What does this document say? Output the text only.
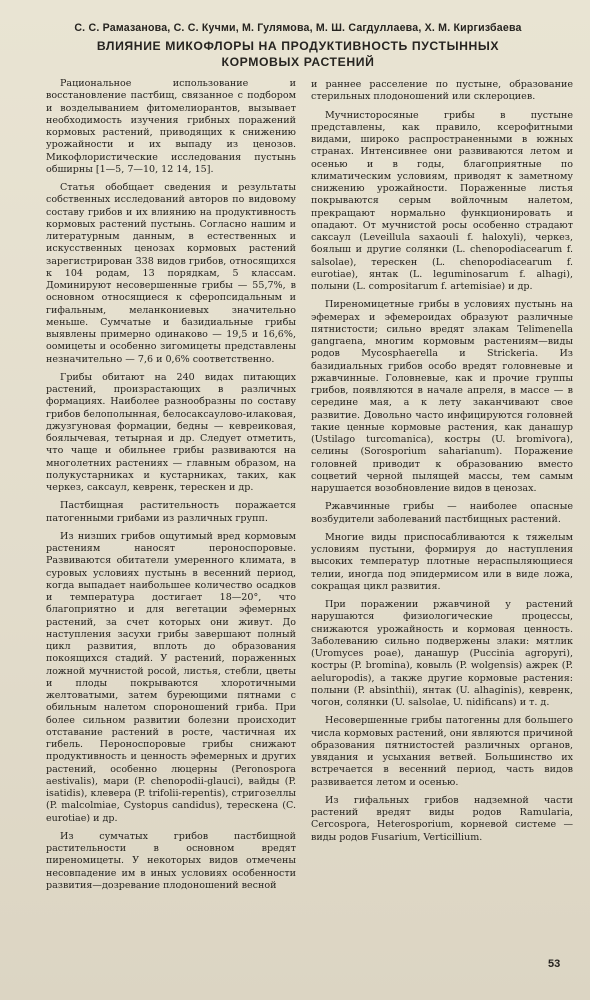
С. С. Рамазанова, С. С. Кучми, М. Гулямова, М. Ш. Сагдуллаева, Х. М. Киргизбаева
ВЛИЯНИЕ МИКОФЛОРЫ НА ПРОДУКТИВНОСТЬ ПУСТЫННЫХ
КОРМОВЫХ РАСТЕНИЙ

Рациональное использование и восстановление пастбищ, связанное с подбором и возделыванием фитомелиорантов, вызывает необходимость изучения грибных поражений кормовых растений, приводящих к снижению урожайности и их выпаду из ценозов. Микофлористические исследования пустынь обширны [1—5, 7—10, 12 14, 15].

Статья обобщает сведения и результаты собственных исследований авторов по видовому составу грибов и их влиянию на продуктивность кормовых растений пустынь. Согласно нашим и литературным данным, в естественных и искусственных ценозах кормовых растений зарегистрирован 338 видов грибов, относящихся к 104 родам, 13 порядкам, 5 классам. Доминируют несовершенные грибы — 55,7%, в основном относящиеся к сферопсидальным и гифальным, меланкониевых значительно меньше. Сумчатые и базидиальные грибы выявлены примерно одинаково — 19,5 и 16,6%, оомицеты и особенно зигомицеты представлены незначительно — 7,6 и 0,6% соответственно.

Грибы обитают на 240 видах питающих растений, произрастающих в различных формациях. Наиболее разнообразны по составу грибов белополынная, белосаксаулово-илаковая, джузгуновая формации, бедны — кевреиковая, боялычевая, тетырная и др. Следует отметить, что чаще и обильнее грибы развиваются на многолетних растениях — главным образом, на полукустарниках и кустарниках, таких, как черкез, саксаул, кевренк, терескен и др.

Пастбищная растительность поражается патогенными грибами из различных групп.

Из низших грибов ощутимый вред кормовым растениям наносят пероноспоровые. Развиваются обитатели умеренного климата, в суровых условиях пустынь в весенний период, когда выпадает наибольшее количество осадков и температура достигает 18—20°, что благоприятно и для вегетации эфемерных растений, за счет которых они живут. До наступления засухи грибы завершают полный цикл развития, вплоть до образования покоящихся стадий. У растений, пораженных ложной мучнистой росой, листья, стебли, цветы и плоды покрываются хлоротичными желтоватыми, затем буреющими пятнами с обильным налетом спороношений гриба. При более сильном развитии болезни происходит отставание растений в росте, частичная их гибель. Пероноспоровые грибы снижают продуктивность и ценность эфемерных и других растений, особенно люцерны (Peronospora aestivalis), мари (P. chenopodii-glauci), вайды (P. isatidis), клевера (P. trifolii-repentis), стригозеллы (P. malcolmiae, Cystopus candidus), терескена (C. eurotiae) и др.

Из сумчатых грибов пастбищной растительности в основном вредят пиреномицеты. У некоторых видов отмечены несовпадение им в иных условиях особенности развития—дозревание плодоношений весной

и раннее расселение по пустыне, образование стерильных плодоношений или склероциев.

Мучнисторосяные грибы в пустыне представлены, как правило, ксерофитными видами, широко распространенными в южных странах. Интенсивнее они развиваются летом и осенью и в годы, благоприятные по климатическим условиям, приводят к заметному снижению урожайности. Пораженные листья покрываются серым войлочным налетом, прекращают нормально функционировать и опадают. От мучнистой росы особенно страдают саксаул (Leveillula saxaouli f. haloxyli), черкез, боялыш и другие солянки (L. chenopodiacearum f. salsolae), терескен (L. chenopodiacearum f. eurotiae), янтак (L. leguminosarum f. alhagi), полыни (L. compositarum f. artemisiae) и др.

Пиреномицетные грибы в условиях пустынь на эфемерах и эфемероидах образуют различные пятнистости; сильно вредят злакам Telimenella gangraena, многим кормовым растениям—виды родов Mycosphaerella и Strickeria. Из базидиальных грибов особо вредят головневые и ржавчинные. Головневые, как и прочие группы грибов, появляются в начале апреля, в массе — в середине мая, а к лету заканчивают свое развитие. Довольно часто инфицируются головней такие ценные кормовые растения, как данашур (Ustilago turcomanica), костры (U. bromivora), селины (Sorosporium saharianum). Поражение головней приводит к образованию вместо соцветий черной пылящей массы, тем самым нарушается возобновление видов в ценозах.

Ржавчинные грибы — наиболее опасные возбудители заболеваний пастбищных растений.

Многие виды приспосабливаются к тяжелым условиям пустыни, формируя до наступления высоких температур плотные нераспыляющиеся телии, иногда под эпидермисом или в виде ложа, сокращая цикл развития.

При поражении ржавчиной у растений нарушаются физиологические процессы, снижаются урожайность и кормовая ценность. Заболеванию сильно подвержены злаки: мятлик (Uromyces poae), данашур (Puccinia agropyri), костры (P. bromina), ковыль (P. wolgensis) ажрек (P. aeluropodis), а также другие кормовые растения: полыни (P. absinthii), янтак (U. alhaginis), кевренк, чогон, солянки (U. salsolae, U. nidificans) и т. д.

Несовершенные грибы патогенны для большего числа кормовых растений, они являются причиной образования пятнистостей различных органов, увядания и усыхания ветвей. Большинство их встречается в весенний период, часть видов развивается летом и осенью.

Из гифальных грибов надземной части растений вредят виды родов Ramularia, Cercospora, Heterosporium, корневой системе — виды родов Fusarium, Verticillium.

53
